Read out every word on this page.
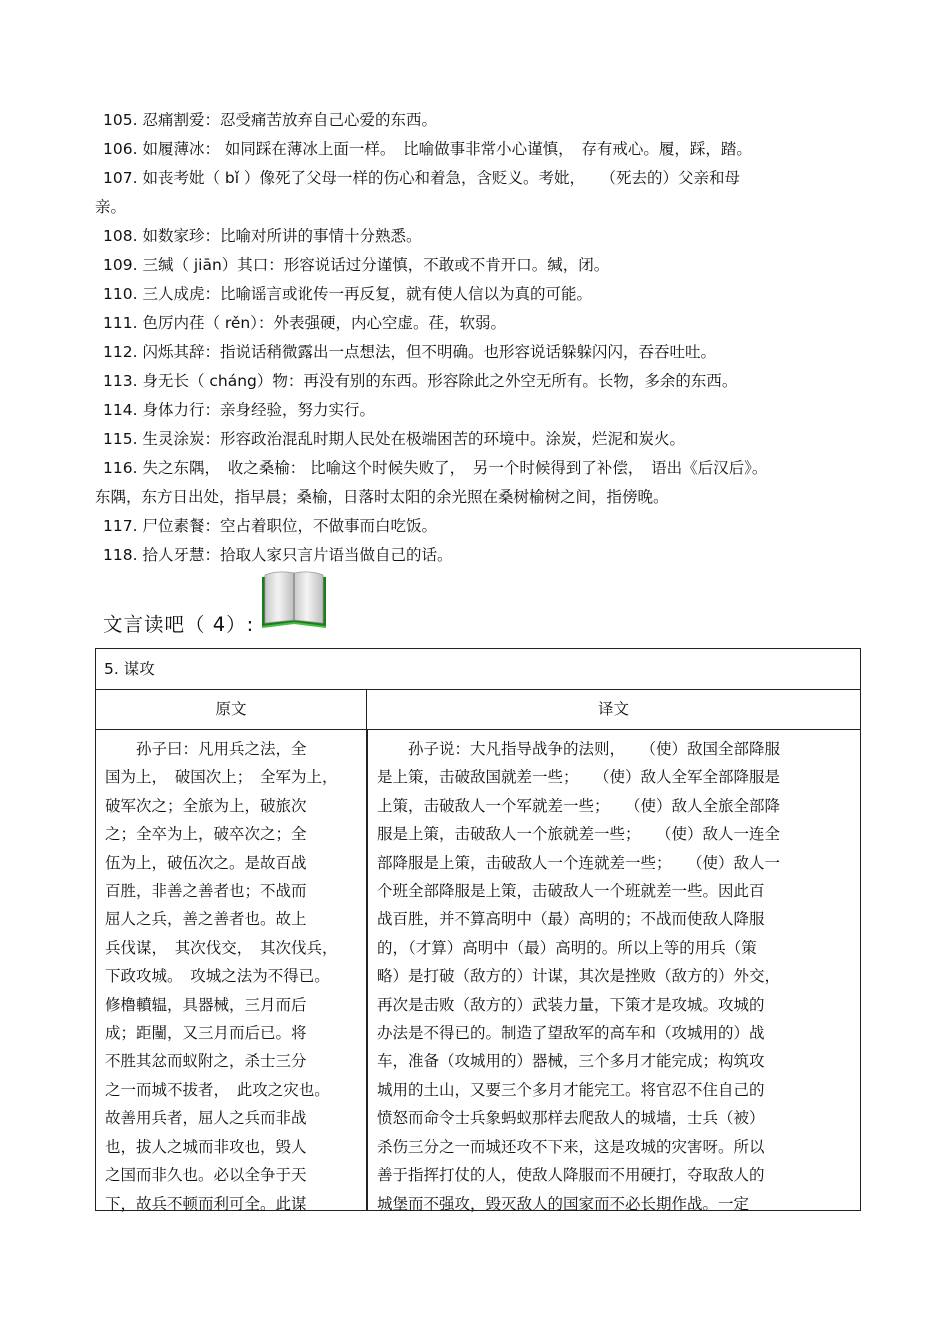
105. 忍痛割爱：忍受痛苦放弃自己心爱的东西。
106. 如履薄冰： 如同踩在薄冰上面一样。　比喻做事非常小心谨慎，　存有戒心。履，踩，踏。
107. 如丧考妣（ bǐ ）像死了父母一样的伤心和着急，含贬义。考妣，　　（死去的）父亲和母
亲。
108. 如数家珍：比喻对所讲的事情十分熟悉。
109. 三缄（ jiān）其口：形容说话过分谨慎，不敢或不肯开口。缄，闭。
110. 三人成虎：比喻谣言或讹传一再反复，就有使人信以为真的可能。
111. 色厉内荏（ rěn）：外表强硬，内心空虚。荏，软弱。
112. 闪烁其辞：指说话稍微露出一点想法，但不明确。也形容说话躲躲闪闪，吞吞吐吐。
113. 身无长（ cháng）物：再没有别的东西。形容除此之外空无所有。长物，多余的东西。
114. 身体力行：亲身经验，努力实行。
115. 生灵涂炭：形容政治混乱时期人民处在极端困苦的环境中。涂炭，烂泥和炭火。
116. 失之东隅，　收之桑榆： 比喻这个时候失败了，　另一个时候得到了补偿，　语出《后汉后》。
东隅，东方日出处，指早晨；桑榆，日落时太阳的余光照在桑树榆树之间，指傍晚。
117. 尸位素餐：空占着职位，不做事而白吃饭。
118. 拾人牙慧：拾取人家只言片语当做自己的话。
文言读吧（ 4）:
5. 谋攻
原文	译文
　　孙子曰：凡用兵之法，全
国为上，　破国次上；　全军为上，
破军次之；全旅为上，破旅次
之；全卒为上，破卒次之；全
伍为上，破伍次之。是故百战
百胜，非善之善者也；不战而
屈人之兵，善之善者也。故上
兵伐谋，　其次伐交，　其次伐兵，
下政攻城。　攻城之法为不得已。
修橹轒辒，具器械，三月而后
成；距闉，又三月而后已。将
不胜其忿而蚁附之，杀士三分
之一而城不拔者，　此攻之灾也。
故善用兵者，屈人之兵而非战
也，拔人之城而非攻也，毁人
之国而非久也。必以全争于天
下，故兵不顿而利可全。此谋
　　孙子说：大凡指导战争的法则，　　（使）敌国全部降服
是上策，击破敌国就差一些；　　（使）敌人全军全部降服是
上策，击破敌人一个军就差一些；　　（使）敌人全旅全部降
服是上策，击破敌人一个旅就差一些；　　（使）敌人一连全
部降服是上策，击破敌人一个连就差一些；　　（使）敌人一
个班全部降服是上策，击破敌人一个班就差一些。因此百
战百胜，并不算高明中（最）高明的；不战而使敌人降服
的，（才算）高明中（最）高明的。所以上等的用兵（策
略）是打破（敌方的）计谋，其次是挫败（敌方的）外交，
再次是击败（敌方的）武装力量，下策才是攻城。攻城的
办法是不得已的。制造了望敌军的高车和（攻城用的）战
车，准备（攻城用的）器械，三个多月才能完成；构筑攻
城用的土山，又要三个多月才能完工。将官忍不住自己的
愤怒而命令士兵象蚂蚁那样去爬敌人的城墙，士兵（被）
杀伤三分之一而城还攻不下来，这是攻城的灾害呀。所以
善于指挥打仗的人，使敌人降服而不用硬打，夺取敌人的
城堡而不强攻，毁灭敌人的国家而不必长期作战。一定
